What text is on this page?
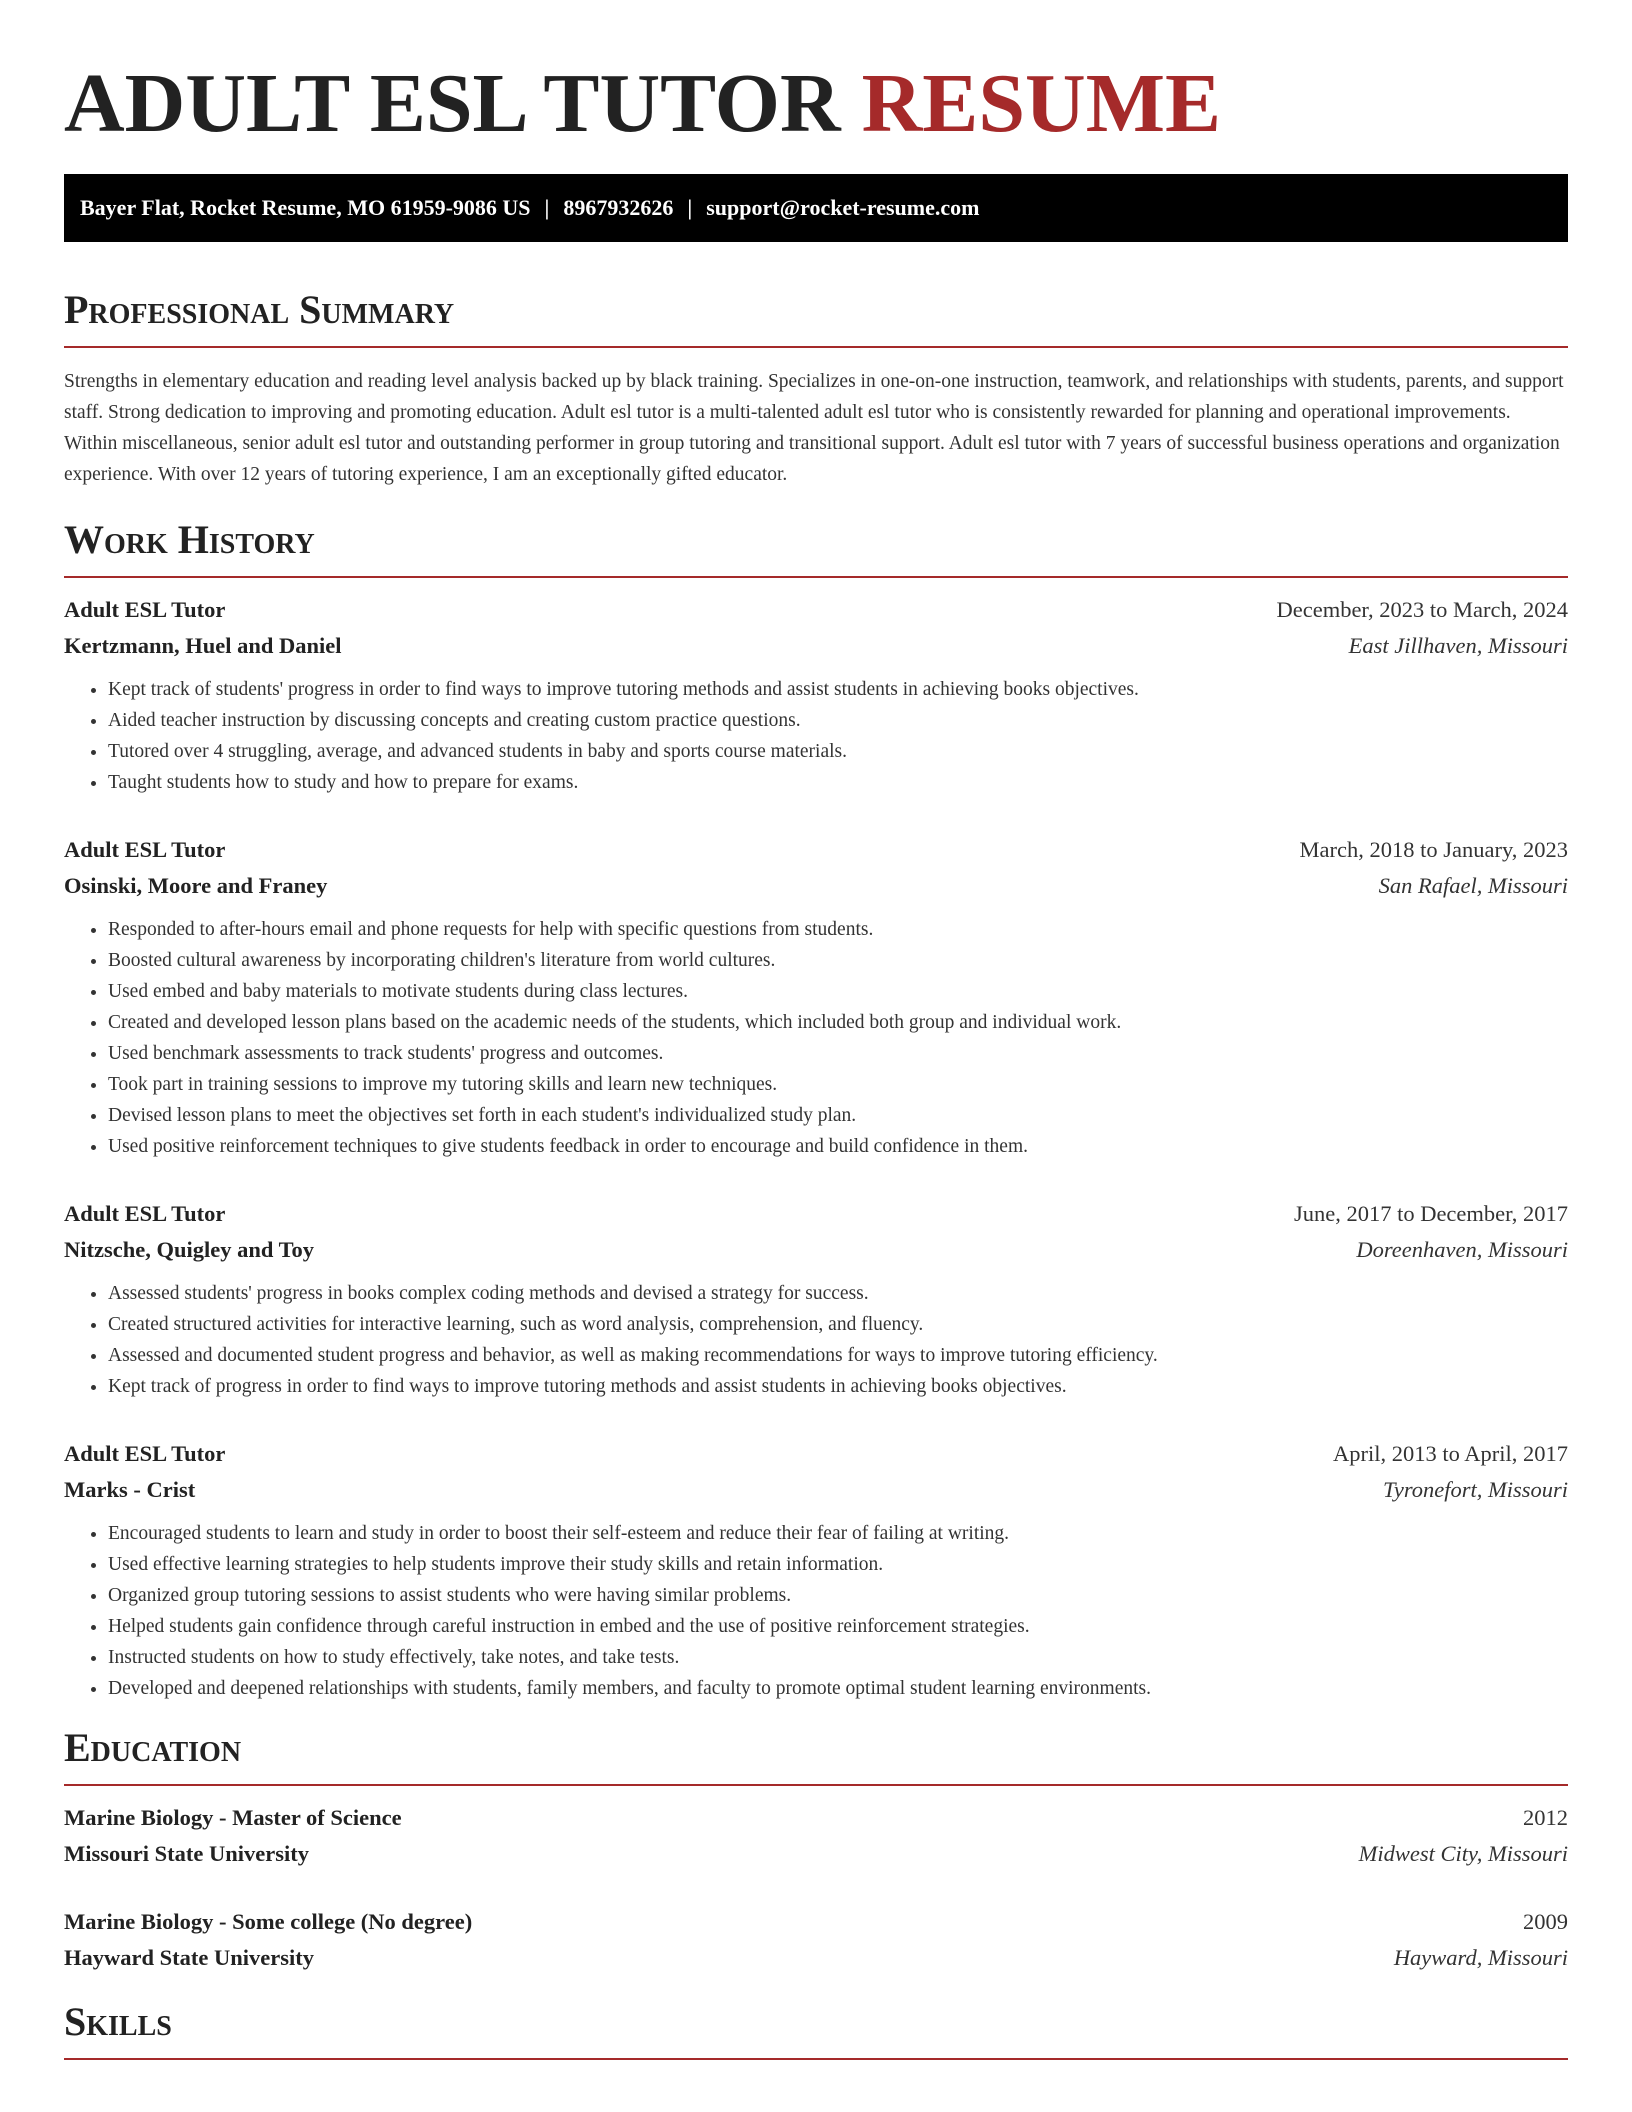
ADULT ESL TUTOR RESUME
Bayer Flat, Rocket Resume, MO 61959-9086 US | 8967932626 | support@rocket-resume.com
Professional Summary

Strengths in elementary education and reading level analysis backed up by black training. Specializes in one-on-one instruction, teamwork, and relationships with students, parents, and support staff. Strong dedication to improving and promoting education. Adult esl tutor is a multi-talented adult esl tutor who is consistently rewarded for planning and operational improvements. Within miscellaneous, senior adult esl tutor and outstanding performer in group tutoring and transitional support. Adult esl tutor with 7 years of successful business operations and organization experience. With over 12 years of tutoring experience, I am an exceptionally gifted educator.

Work History
Adult ESL Tutor	December, 2023 to March, 2024
Kertzmann, Huel and Daniel	East Jillhaven, Missouri
• Kept track of students' progress in order to find ways to improve tutoring methods and assist students in achieving books objectives.
• Aided teacher instruction by discussing concepts and creating custom practice questions.
• Tutored over 4 struggling, average, and advanced students in baby and sports course materials.
• Taught students how to study and how to prepare for exams.
Adult ESL Tutor	March, 2018 to January, 2023
Osinski, Moore and Franey	San Rafael, Missouri
• Responded to after-hours email and phone requests for help with specific questions from students.
• Boosted cultural awareness by incorporating children's literature from world cultures.
• Used embed and baby materials to motivate students during class lectures.
• Created and developed lesson plans based on the academic needs of the students, which included both group and individual work.
• Used benchmark assessments to track students' progress and outcomes.
• Took part in training sessions to improve my tutoring skills and learn new techniques.
• Devised lesson plans to meet the objectives set forth in each student's individualized study plan.
• Used positive reinforcement techniques to give students feedback in order to encourage and build confidence in them.
Adult ESL Tutor	June, 2017 to December, 2017
Nitzsche, Quigley and Toy	Doreenhaven, Missouri
• Assessed students' progress in books complex coding methods and devised a strategy for success.
• Created structured activities for interactive learning, such as word analysis, comprehension, and fluency.
• Assessed and documented student progress and behavior, as well as making recommendations for ways to improve tutoring efficiency.
• Kept track of progress in order to find ways to improve tutoring methods and assist students in achieving books objectives.
Adult ESL Tutor	April, 2013 to April, 2017
Marks - Crist	Tyronefort, Missouri
• Encouraged students to learn and study in order to boost their self-esteem and reduce their fear of failing at writing.
• Used effective learning strategies to help students improve their study skills and retain information.
• Organized group tutoring sessions to assist students who were having similar problems.
• Helped students gain confidence through careful instruction in embed and the use of positive reinforcement strategies.
• Instructed students on how to study effectively, take notes, and take tests.
• Developed and deepened relationships with students, family members, and faculty to promote optimal student learning environments.
Education
Marine Biology - Master of Science	2012
Missouri State University	Midwest City, Missouri
Marine Biology - Some college (No degree)	2009
Hayward State University	Hayward, Missouri
Skills
